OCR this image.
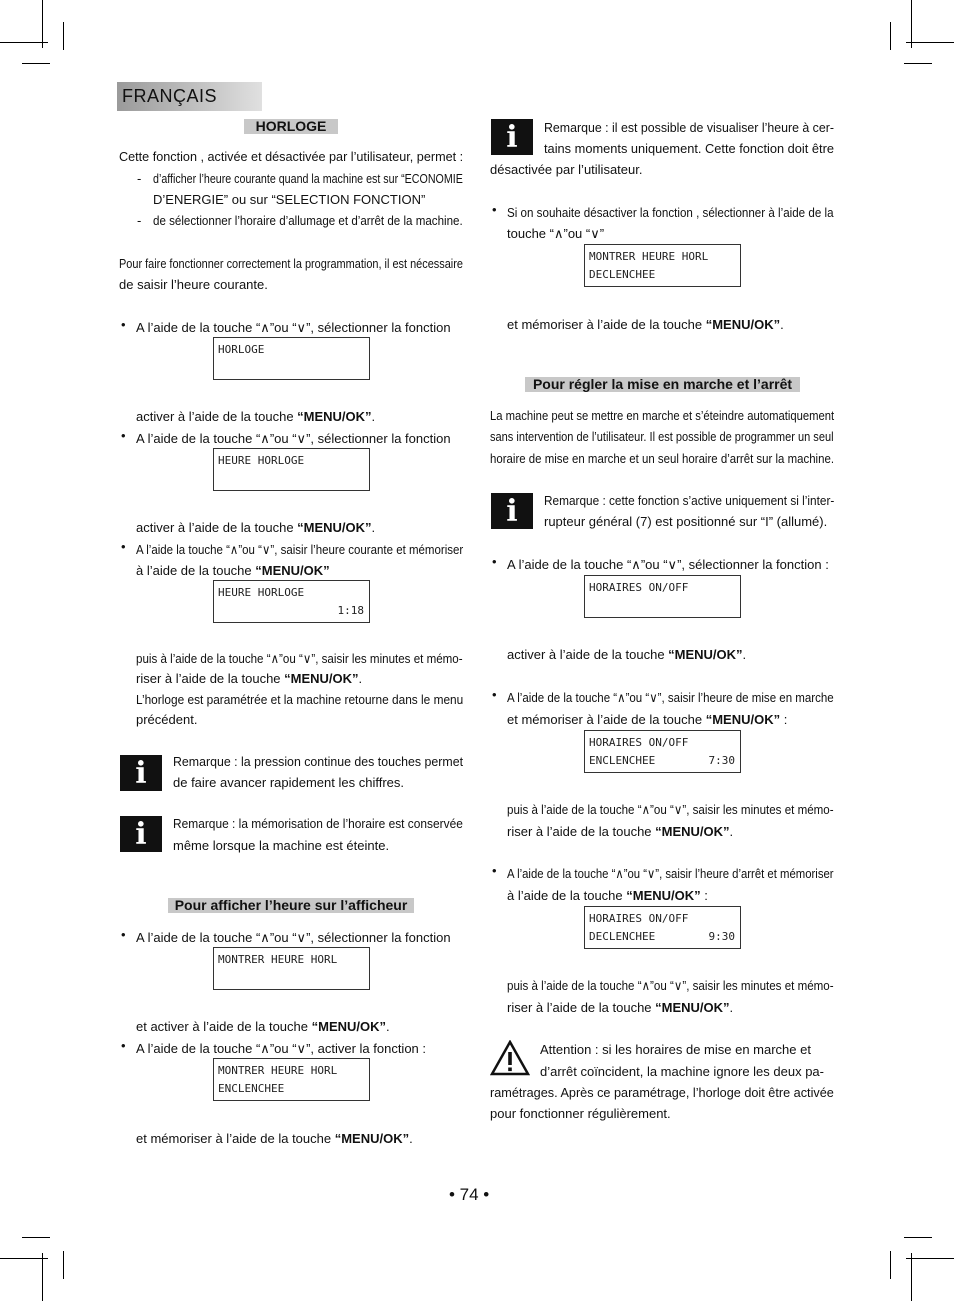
FRANÇAIS
HORLOGE
Cette fonction , activée et désactivée par l’utilisateur, permet :
- d’afficher l’heure courante quand la machine est sur “ECONOMIE
D’ENERGIE” ou sur “SELECTION FONCTION”
- de sélectionner l’horaire d’allumage et d’arrêt de la machine.
Pour faire fonctionner correctement la programmation, il est nécessaire
de saisir l’heure courante.
• A l’aide de la touche “∧”ou “∨”, sélectionner la fonction
HORLOGE
activer à l’aide de la touche “MENU/OK”.
• A l’aide de la touche “∧”ou “∨”, sélectionner la fonction
HEURE HORLOGE
activer à l’aide de la touche “MENU/OK”.
• A l’aide la touche “∧”ou “∨”, saisir l’heure courante et mémoriser
à l’aide de la touche “MENU/OK”
HEURE HORLOGE
1:18
puis à l’aide de la touche “∧”ou “∨”, saisir les minutes et mémo-
riser à l’aide de la touche “MENU/OK”.
L’horloge est paramétrée et la machine retourne dans le menu
précédent.
i	Remarque : la pression continue des touches permet
de faire avancer rapidement les chiffres.
i	Remarque : la mémorisation de l’horaire est conservée
même lorsque la machine est éteinte.
Pour afficher l’heure sur l’afficheur
• A l’aide de la touche “∧”ou “∨”, sélectionner la fonction
MONTRER HEURE HORL
et activer à l’aide de la touche “MENU/OK”.
• A l’aide de la touche “∧”ou “∨”, activer la fonction :
MONTRER HEURE HORL
ENCLENCHEE
et mémoriser à l’aide de la touche “MENU/OK”.
i	Remarque : il est possible de visualiser l’heure à cer-
tains moments uniquement. Cette fonction doit être
désactivée par l’utilisateur.
• Si on souhaite désactiver la fonction , sélectionner à l’aide de la
touche “∧”ou “∨”
MONTRER HEURE HORL
DECLENCHEE
et mémoriser à l’aide de la touche “MENU/OK”.
Pour régler la mise en marche et l’arrêt
La machine peut se mettre en marche et s’éteindre automatiquement
sans intervention de l’utilisateur. Il est possible de programmer un seul
horaire de mise en marche et un seul horaire d’arrêt sur la machine.
i	Remarque : cette fonction s’active uniquement si l’inter-
rupteur général (7) est positionné sur “I” (allumé).
• A l’aide de la touche “∧”ou “∨”, sélectionner la fonction :
HORAIRES ON/OFF
activer à l’aide de la touche “MENU/OK”.
• A l’aide de la touche “∧”ou “∨”, saisir l’heure de mise en marche
et mémoriser à l’aide de la touche “MENU/OK” :
HORAIRES ON/OFF
ENCLENCHEE	7:30
puis à l’aide de la touche “∧”ou “∨”, saisir les minutes et mémo-
riser à l’aide de la touche “MENU/OK”.
• A l’aide de la touche “∧”ou “∨”, saisir l’heure d’arrêt et mémoriser
à l’aide de la touche “MENU/OK” :
HORAIRES ON/OFF
DECLENCHEE	9:30
puis à l’aide de la touche “∧”ou “∨”, saisir les minutes et mémo-
riser à l’aide de la touche “MENU/OK”.
Attention : si les horaires de mise en marche et
d’arrêt coïncident, la machine ignore les deux pa-
ramétrages. Après ce paramétrage, l’horloge doit être activée
pour fonctionner régulièrement.
• 74 •
